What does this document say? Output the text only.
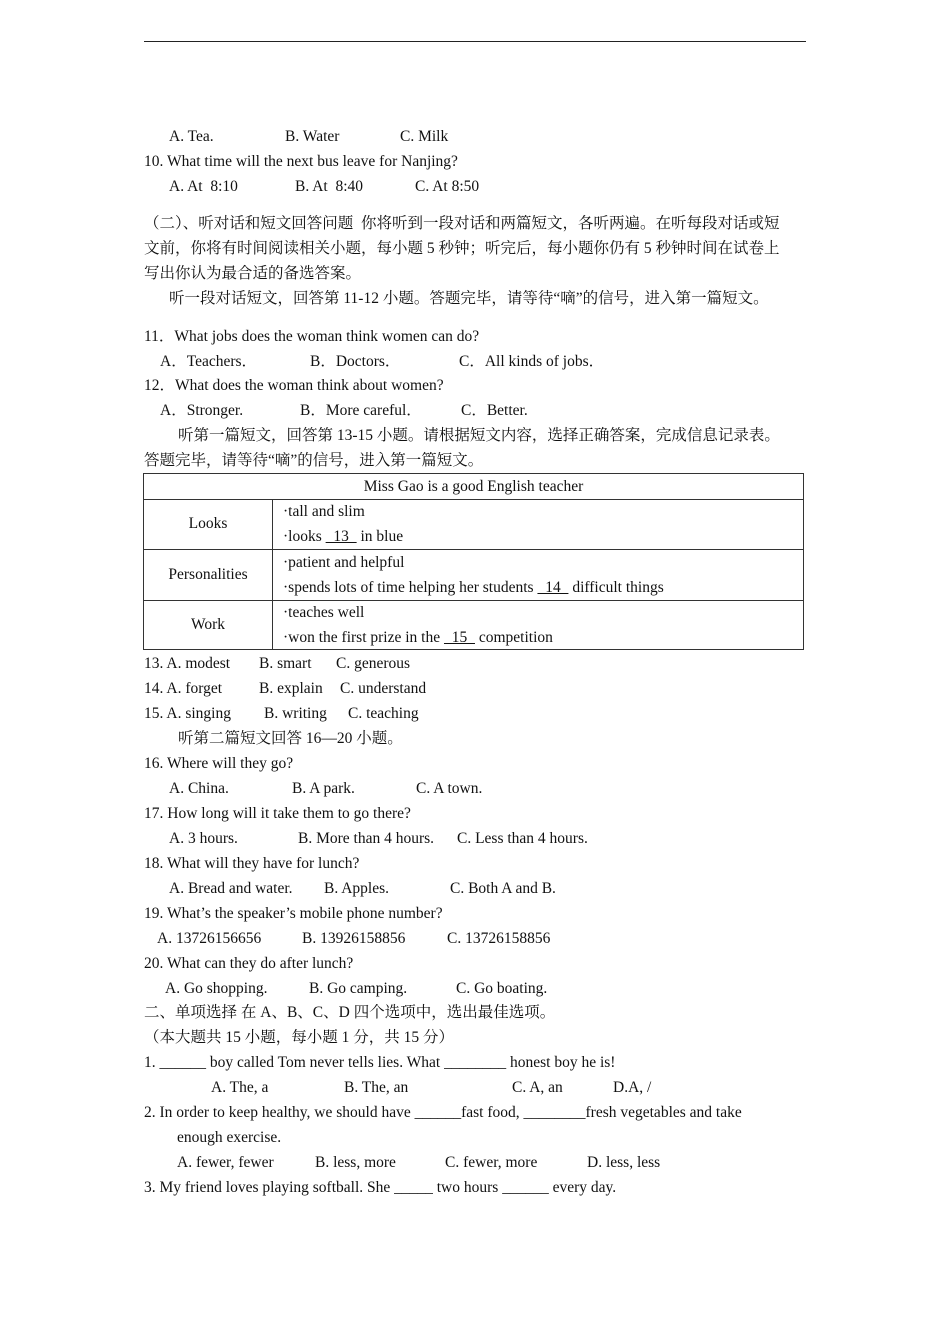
A. Tea.	B. Water	C. Milk
10. What time will the next bus leave for Nanjing?
A. At  8:10	B. At  8:40	C. At 8:50
（二）、听对话和短文回答问题  你将听到一段对话和两篇短文，各听两遍。在听每段对话或短
文前，你将有时间阅读相关小题，每小题 5 秒钟；听完后，每小题你仍有 5 秒钟时间在试卷上
写出你认为最合适的备选答案。
听一段对话短文，回答第 11-12 小题。答题完毕，请等待“嘀”的信号，进入第一篇短文。
11．What jobs does the woman think women can do?
A．Teachers．	B．Doctors．	C．All kinds of jobs．
12．What does the woman think about women?
A．Stronger.	B．More careful．	C．Better.
听第一篇短文，回答第 13-15 小题。请根据短文内容，选择正确答案，完成信息记录表。
答题完毕，请等待“嘀”的信号，进入第一篇短文。
Miss Gao is a good English teacher
Looks
·tall and slim
·looks   13   in blue
Personalities
·patient and helpful
·spends lots of time helping her students   14   difficult things
Work
·teaches well
·won the first prize in the   15   competition
13. A. modest B. smart C. generous
14. A. forget B. explain C. understand
15. A. singing B. writing C. teaching
听第二篇短文回答 16—20 小题。
16. Where will they go?
A. China.	B. A park.	C. A town.
17. How long will it take them to go there?
A. 3 hours.	B. More than 4 hours. C. Less than 4 hours.
18. What will they have for lunch?
A. Bread and water. B. Apples.	C. Both A and B.
19. What’s the speaker’s mobile phone number?
A. 13726156656	B. 13926158856	C. 13726158856
20. What can they do after lunch?
A. Go shopping.	B. Go camping.	C. Go boating.
二、单项选择 在 A、B、C、D 四个选项中，选出最佳选项。
（本大题共 15 小题，每小题 1 分，共 15 分）
1. ______ boy called Tom never tells lies. What ________ honest boy he is!
A. The, a	B. The, an	C. A, an	D.A, /
2. In order to keep healthy, we should have ______fast food, ________fresh vegetables and take
enough exercise.
A. fewer, fewer	B. less, more	C. fewer, more	D. less, less
3. My friend loves playing softball. She _____ two hours ______ every day.
